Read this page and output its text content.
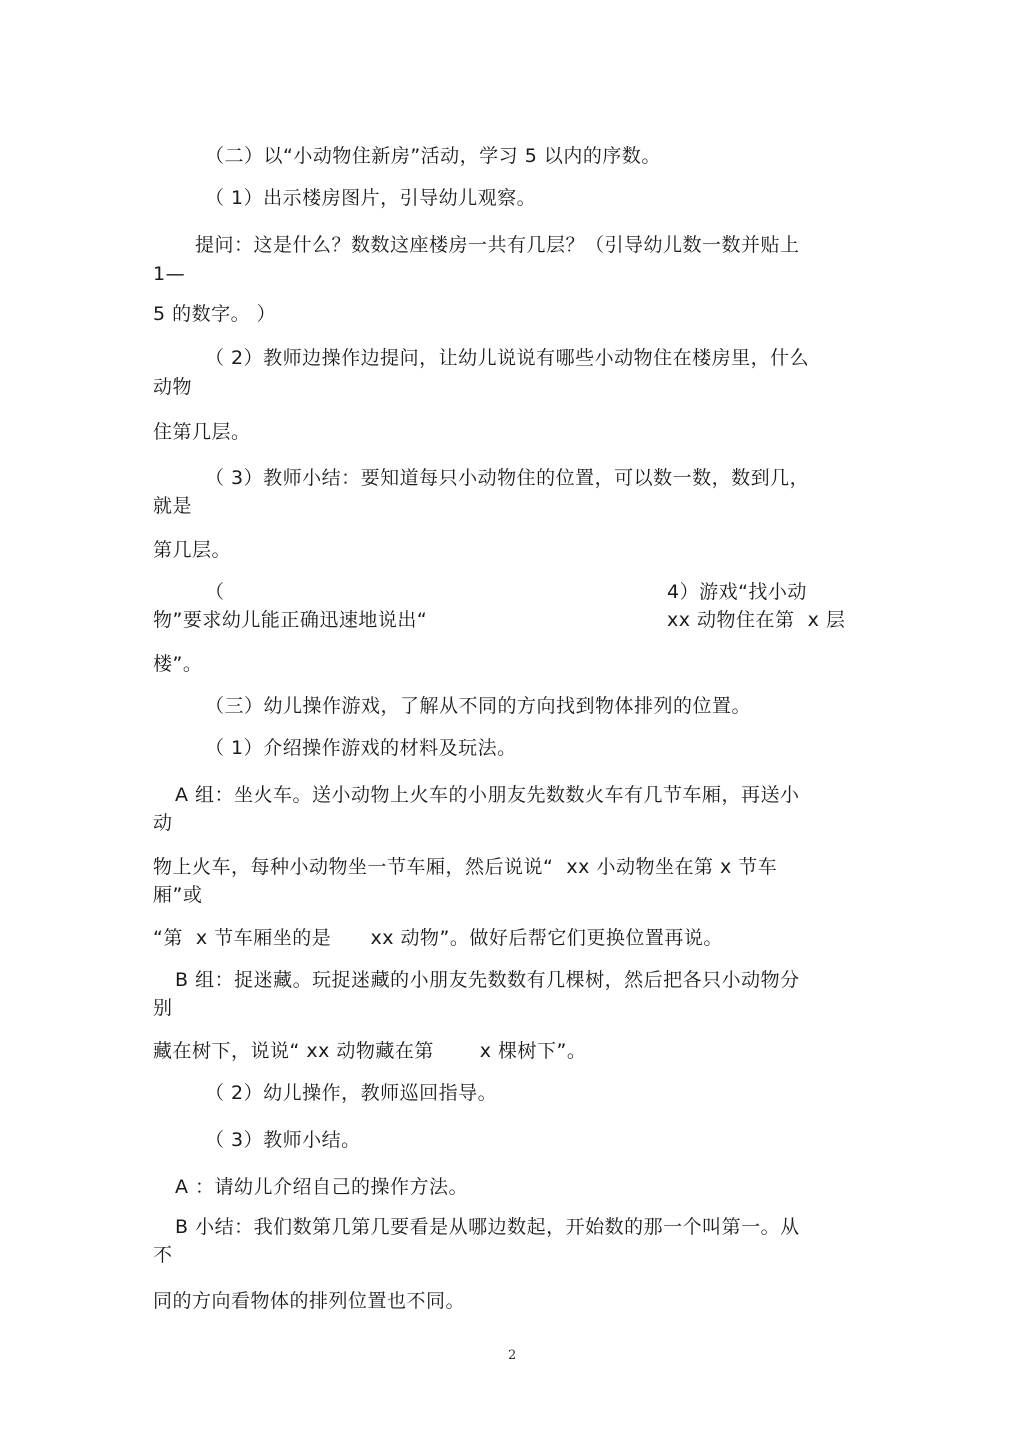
（二）以“小动物住新房”活动，学习 5 以内的序数。
（ 1）出示楼房图片，引导幼儿观察。
提问：这是什么？数数这座楼房一共有几层？（引导幼儿数一数并贴上
1—
5 的数字。 ）
（ 2）教师边操作边提问，让幼儿说说有哪些小动物住在楼房里，什么
动物
住第几层。
（ 3）教师小结：要知道每只小动物住的位置，可以数一数，数到几，
就是
第几层。
（	4）游戏“找小动
物”要求幼儿能正确迅速地说出“	xx 动物住在第  x 层
楼”。
（三）幼儿操作游戏，了解从不同的方向找到物体排列的位置。
（ 1）介绍操作游戏的材料及玩法。
A 组：坐火车。送小动物上火车的小朋友先数数火车有几节车厢，再送小
动
物上火车，每种小动物坐一节车厢，然后说说“  xx 小动物坐在第 x 节车
厢”或
“第  x 节车厢坐的是      xx 动物”。做好后帮它们更换位置再说。
B 组：捉迷藏。玩捉迷藏的小朋友先数数有几棵树，然后把各只小动物分
别
藏在树下，说说“ xx 动物藏在第       x 棵树下”。
（ 2）幼儿操作，教师巡回指导。
（ 3）教师小结。
A ：请幼儿介绍自己的操作方法。
B 小结：我们数第几第几要看是从哪边数起，开始数的那一个叫第一。从
不
同的方向看物体的排列位置也不同。
2
